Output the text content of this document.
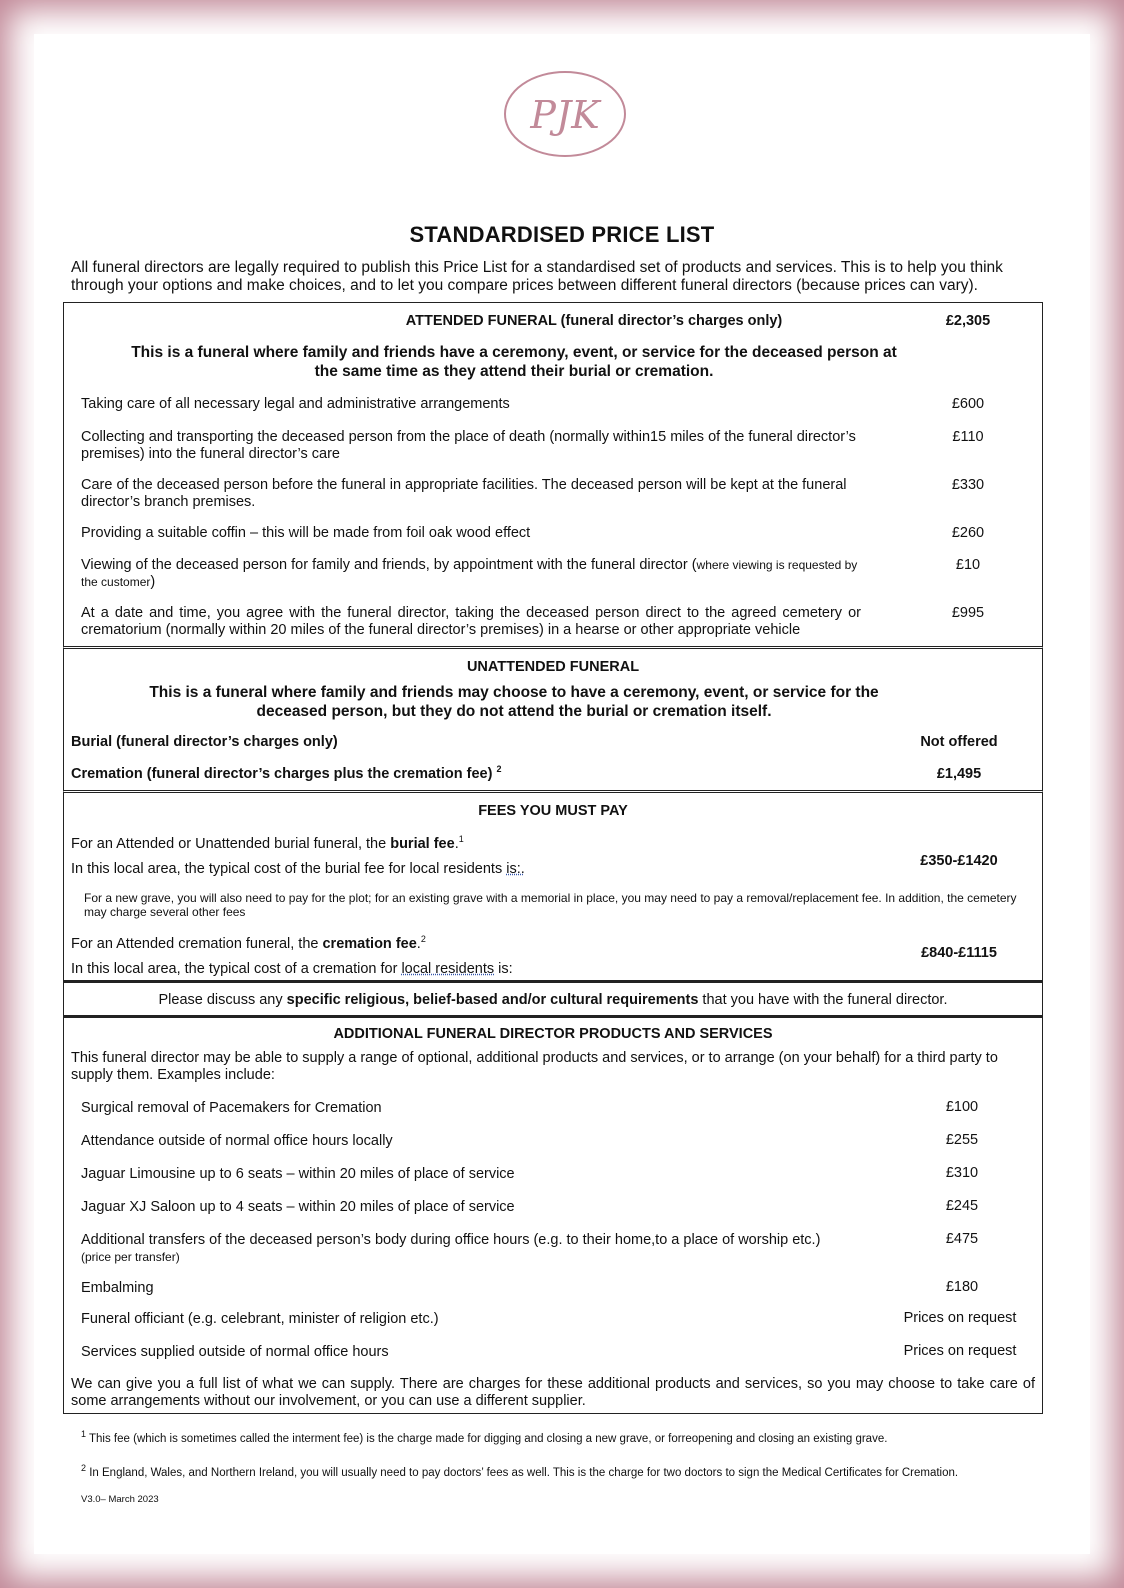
PJK
STANDARDISED PRICE LIST
All funeral directors are legally required to publish this Price List for a standardised set of products and services. This is to help you think through your options and make choices, and to let you compare prices between different funeral directors (because prices can vary).
ATTENDED FUNERAL (funeral director’s charges only)	£2,305
This is a funeral where family and friends have a ceremony, event, or service for the deceased person at the same time as they attend their burial or cremation.
Taking care of all necessary legal and administrative arrangements	£600
Collecting and transporting the deceased person from the place of death (normally within15 miles of the funeral director’s premises) into the funeral director’s care
£110
Care of the deceased person before the funeral in appropriate facilities. The deceased person will be kept at the funeral director’s branch premises.
£330
Providing a suitable coffin – this will be made from foil oak wood effect	£260
Viewing of the deceased person for family and friends, by appointment with the funeral director (where viewing is requested by the customer)
£10
At a date and time, you agree with the funeral director, taking the deceased person direct to the agreed cemetery or crematorium (normally within 20 miles of the funeral director’s premises) in a hearse or other appropriate vehicle
£995
UNATTENDED FUNERAL
This is a funeral where family and friends may choose to have a ceremony, event, or service for the deceased person, but they do not attend the burial or cremation itself.
Burial (funeral director’s charges only)	Not offered
Cremation (funeral director’s charges plus the cremation fee) $^2$	£1,495
FEES YOU MUST PAY
For an Attended or Unattended burial funeral, the burial fee.$^1$
In this local area, the typical cost of the burial fee for local residents is:.	£350-£1420
For a new grave, you will also need to pay for the plot; for an existing grave with a memorial in place, you may need to pay a removal/replacement fee. In addition, the cemetery may charge several other fees
For an Attended cremation funeral, the cremation fee.$^2$
In this local area, the typical cost of a cremation for local residents is:
£840-£1115
Please discuss any specific religious, belief-based and/or cultural requirements that you have with the funeral director.
ADDITIONAL FUNERAL DIRECTOR PRODUCTS AND SERVICES
This funeral director may be able to supply a range of optional, additional products and services, or to arrange (on your behalf) for a third party to supply them. Examples include:
Surgical removal of Pacemakers for Cremation	£100
Attendance outside of normal office hours locally	£255
Jaguar Limousine up to 6 seats – within 20 miles of place of service	£310
Jaguar XJ Saloon up to 4 seats – within 20 miles of place of service	£245
Additional transfers of the deceased person’s body during office hours (e.g. to their home,to a place of worship etc.)
(price per transfer)
£475
Embalming	£180
Funeral officiant (e.g. celebrant, minister of religion etc.)	Prices on request
Services supplied outside of normal office hours	Prices on request
We can give you a full list of what we can supply. There are charges for these additional products and services, so you may choose to take care of some arrangements without our involvement, or you can use a different supplier.
$^1$ This fee (which is sometimes called the interment fee) is the charge made for digging and closing a new grave, or forreopening and closing an existing grave.
$^2$ In England, Wales, and Northern Ireland, you will usually need to pay doctors’ fees as well. This is the charge for two doctors to sign the Medical Certificates for Cremation.
V3.0– March 2023
